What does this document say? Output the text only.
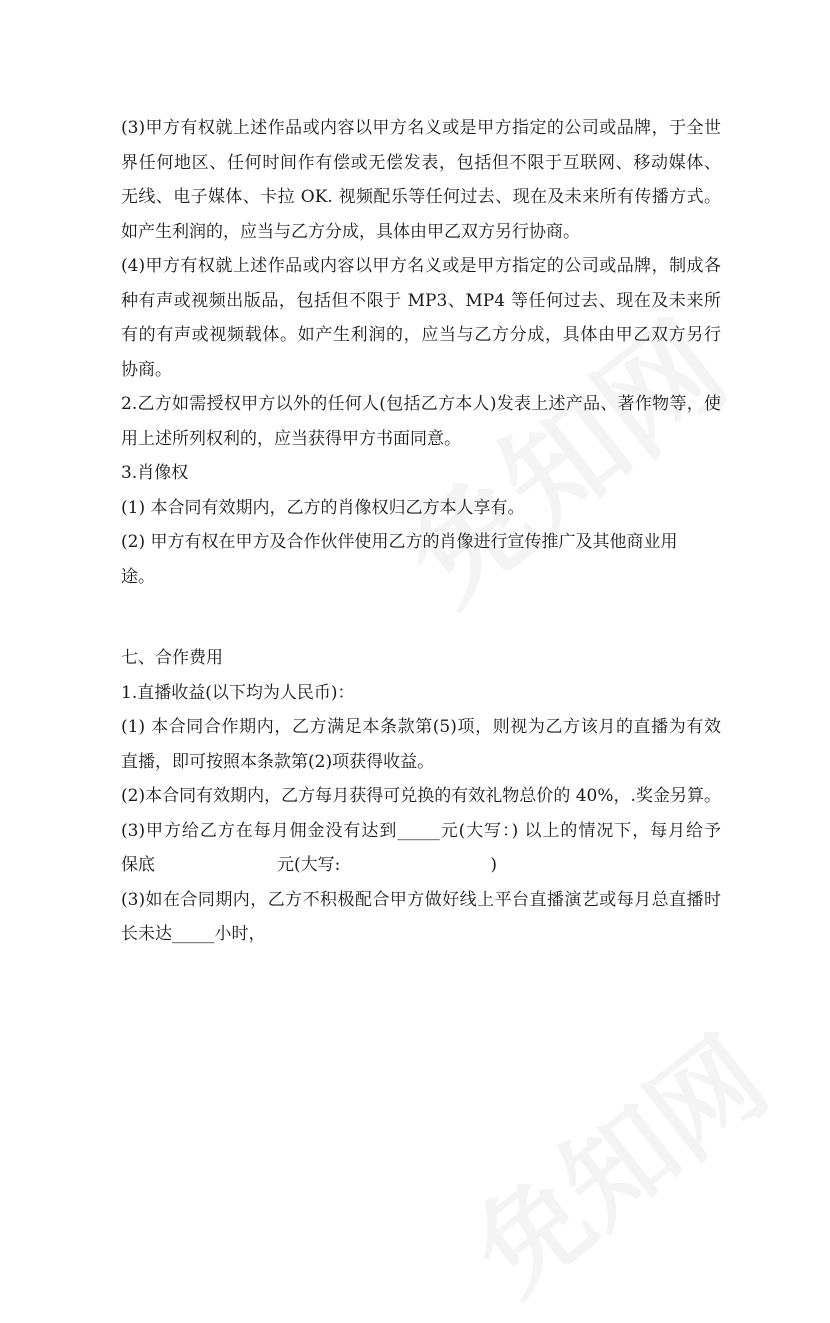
(3)甲方有权就上述作品或内容以甲方名义或是甲方指定的公司或品牌，于全世
界任何地区、任何时间作有偿或无偿发表，包括但不限于互联网、移动媒体、
无线、电子媒体、卡拉 OK. 视频配乐等任何过去、现在及未来所有传播方式。
如产生利润的，应当与乙方分成，具体由甲乙双方另行协商。
(4)甲方有权就上述作品或内容以甲方名义或是甲方指定的公司或品牌，制成各
种有声或视频出版品，包括但不限于 MP3、MP4 等任何过去、现在及未来所
有的有声或视频载体。如产生利润的，应当与乙方分成，具体由甲乙双方另行
协商。
2.乙方如需授权甲方以外的任何人(包括乙方本人)发表上述产品、著作物等，使
用上述所列权利的，应当获得甲方书面同意。
3.肖像权
(1) 本合同有效期内，乙方的肖像权归乙方本人享有。
(2) 甲方有权在甲方及合作伙伴使用乙方的肖像进行宣传推广及其他商业用
途。
七、合作费用
1.直播收益(以下均为人民币)：
(1) 本合同合作期内，乙方满足本条款第(5)项，则视为乙方该月的直播为有效
直播，即可按照本条款第(2)项获得收益。
(2)本合同有效期内，乙方每月获得可兑换的有效礼物总价的 40%，.奖金另算。
(3)甲方给乙方在每月佣金没有达到_____元(大写：) 以上的情况下，每月给予
保底	元(大写:	)
(3)如在合同期内，乙方不积极配合甲方做好线上平台直播演艺或每月总直播时
长未达_____小时，
